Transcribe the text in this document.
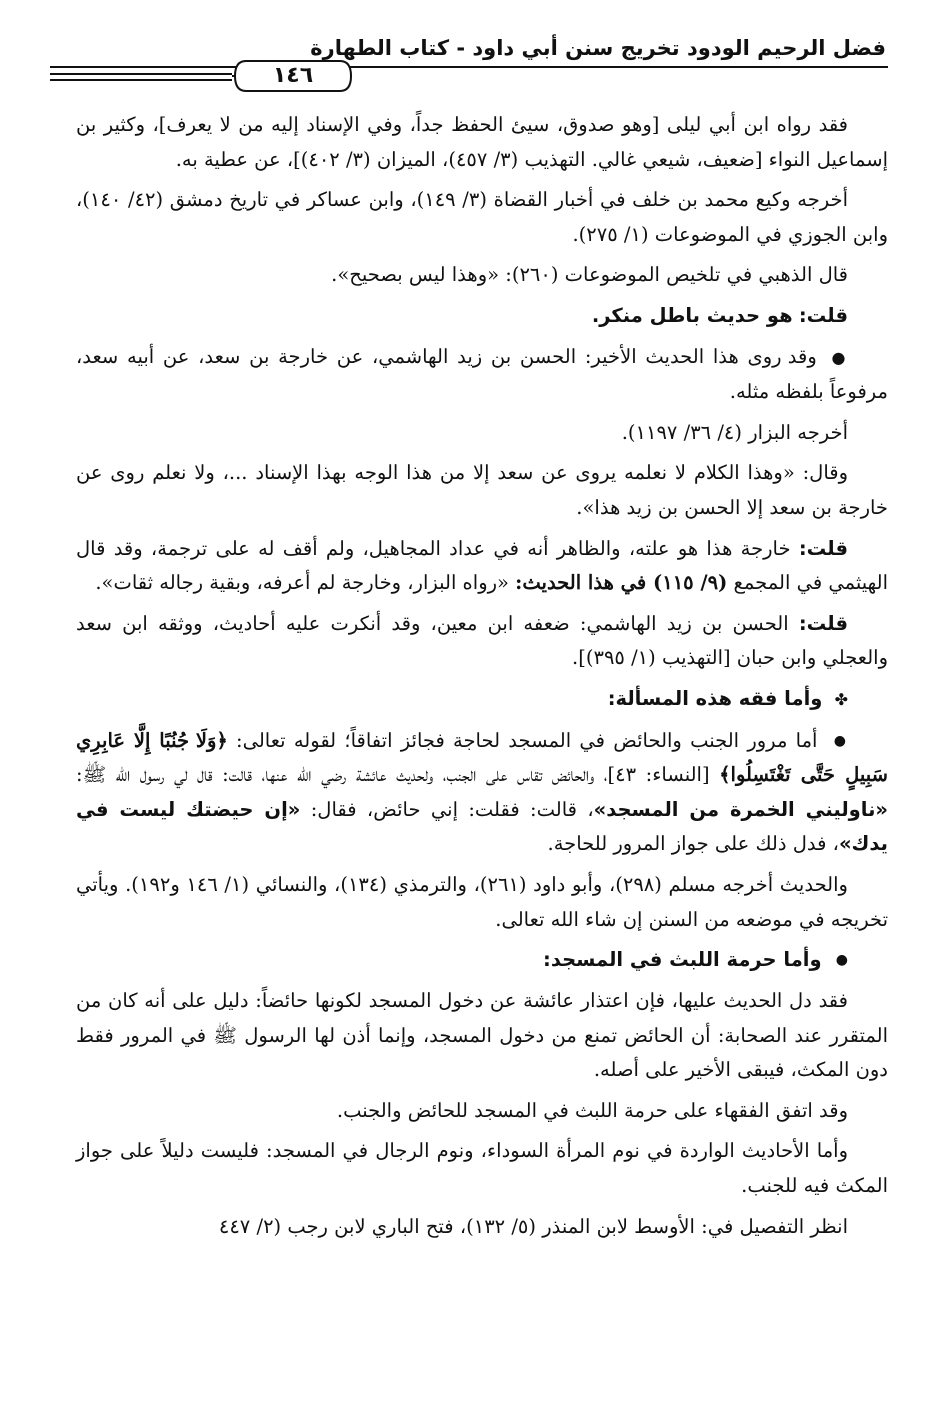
فضل الرحيم الودود تخريج سنن أبي داود - كتاب الطهارة
١٤٦

فقد رواه ابن أبي ليلى [وهو صدوق، سيئ الحفظ جداً، وفي الإسناد إليه من لا يعرف]، وكثير بن إسماعيل النواء [ضعيف، شيعي غالي. التهذيب (٣/ ٤٥٧)، الميزان (٣/ ٤٠٢)]، عن عطية به.

أخرجه وكيع محمد بن خلف في أخبار القضاة (٣/ ١٤٩)، وابن عساكر في تاريخ دمشق (٤٢/ ١٤٠)، وابن الجوزي في الموضوعات (١/ ٢٧٥).

قال الذهبي في تلخيص الموضوعات (٢٦٠): «وهذا ليس بصحيح».

قلت: هو حديث باطل منكر.

● وقد روى هذا الحديث الأخير: الحسن بن زيد الهاشمي، عن خارجة بن سعد، عن أبيه سعد، مرفوعاً بلفظه مثله.

أخرجه البزار (٤/ ٣٦/ ١١٩٧).

وقال: «وهذا الكلام لا نعلمه يروى عن سعد إلا من هذا الوجه بهذا الإسناد ...، ولا نعلم روى عن خارجة بن سعد إلا الحسن بن زيد هذا».

قلت: خارجة هذا هو علته، والظاهر أنه في عداد المجاهيل، ولم أقف له على ترجمة، وقد قال الهيثمي في المجمع (٩/ ١١٥) في هذا الحديث: «رواه البزار، وخارجة لم أعرفه، وبقية رجاله ثقات».

قلت: الحسن بن زيد الهاشمي: ضعفه ابن معين، وقد أنكرت عليه أحاديث، ووثقه ابن سعد والعجلي وابن حبان [التهذيب (١/ ٣٩٥)].

✤ وأما فقه هذه المسألة:

● أما مرور الجنب والحائض في المسجد لحاجة فجائز اتفاقاً؛ لقوله تعالى: ﴿وَلَا جُنُبًا إِلَّا عَابِرِي سَبِيلٍ حَتَّى تَغْتَسِلُوا﴾ [النساء: ٤٣]، والحائض تقاس على الجنب، ولحديث عائشة رضي الله عنها، قالت: قال لي رسول الله ﷺ: «ناوليني الخمرة من المسجد»، قالت: فقلت: إني حائض، فقال: «إن حيضتك ليست في يدك»، فدل ذلك على جواز المرور للحاجة.

والحديث أخرجه مسلم (٢٩٨)، وأبو داود (٢٦١)، والترمذي (١٣٤)، والنسائي (١/ ١٤٦ و١٩٢). ويأتي تخريجه في موضعه من السنن إن شاء الله تعالى.

● وأما حرمة اللبث في المسجد:

فقد دل الحديث عليها، فإن اعتذار عائشة عن دخول المسجد لكونها حائضاً: دليل على أنه كان من المتقرر عند الصحابة: أن الحائض تمنع من دخول المسجد، وإنما أذن لها الرسول ﷺ في المرور فقط دون المكث، فيبقى الأخير على أصله.

وقد اتفق الفقهاء على حرمة اللبث في المسجد للحائض والجنب.

وأما الأحاديث الواردة في نوم المرأة السوداء، ونوم الرجال في المسجد: فليست دليلاً على جواز المكث فيه للجنب.

انظر التفصيل في: الأوسط لابن المنذر (٥/ ١٣٢)، فتح الباري لابن رجب (٢/ ٤٤٧
